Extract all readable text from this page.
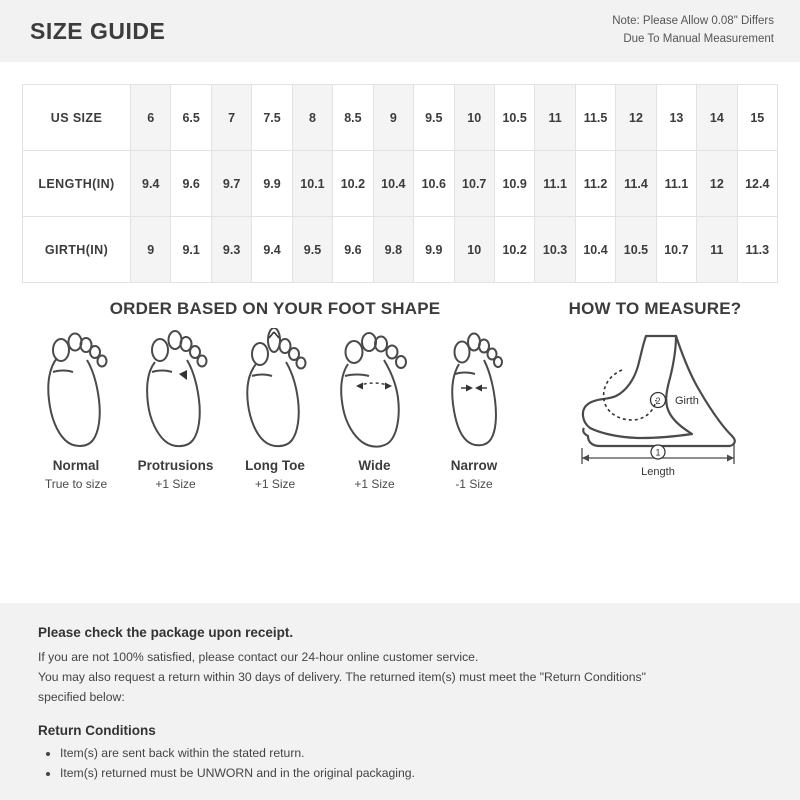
SIZE GUIDE	Note: Please Allow 0.08" Differs
Due To Manual Measurement
US SIZE	6	6.5	7	7.5	8	8.5	9	9.5	10	10.5	11	11.5	12	13	14	15
LENGTH(IN)	9.4	9.6	9.7	9.9	10.1	10.2	10.4	10.6	10.7	10.9	11.1	11.2	11.4	11.1	12	12.4
GIRTH(IN)	9	9.1	9.3	9.4	9.5	9.6	9.8	9.9	10	10.2	10.3	10.4	10.5	10.7	11	11.3
ORDER BASED ON YOUR FOOT SHAPE
Normal
True to size
Protrusions
+1 Size
Long Toe
+1 Size
Wide
+1 Size
Narrow
-1 Size
HOW TO MEASURE?
2 Girth
1
Length
Please check the package upon receipt.
If you are not 100% satisfied, please contact our 24-hour online customer service.
You may also request a return within 30 days of delivery. The returned item(s) must meet the "Return Conditions"
specified below:
Return Conditions
• Item(s) are sent back within the stated return.
• Item(s) returned must be UNWORN and in the original packaging.
